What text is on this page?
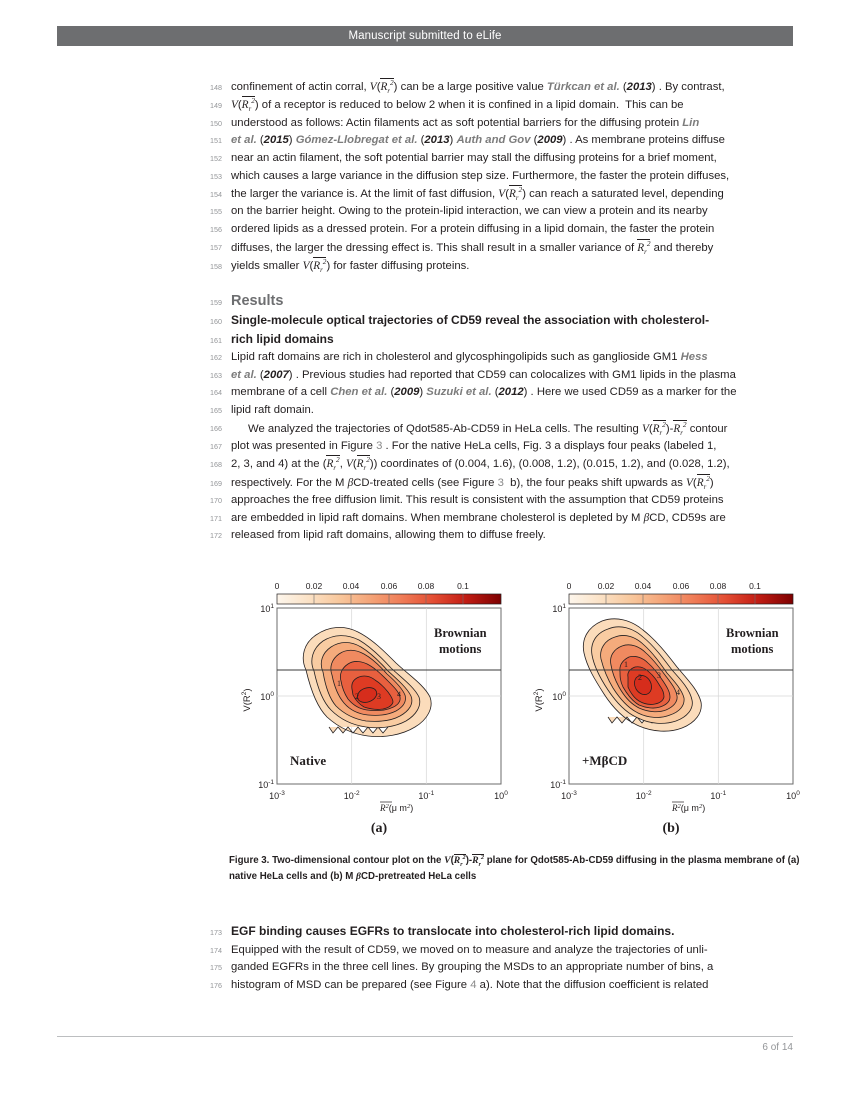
Manuscript submitted to eLife
148 confinement of actin corral, $V(R_r^2)$ can be a large positive value Türkcan et al. (2013) . By contrast,
149 $V(R_r^2)$ of a receptor is reduced to below 2 when it is confined in a lipid domain.  This can be
150 understood as follows: Actin filaments act as soft potential barriers for the diffusing protein Lin
151 et al. (2015) Gómez-Llobregat et al. (2013) Auth and Gov (2009) . As membrane proteins diffuse
152 near an actin filament, the soft potential barrier may stall the diffusing proteins for a brief moment,
153 which causes a large variance in the diffusion step size. Furthermore, the faster the protein diffuses,
154 the larger the variance is. At the limit of fast diffusion, $V(R_r^2)$ can reach a saturated level, depending
155 on the barrier height. Owing to the protein-lipid interaction, we can view a protein and its nearby
156 ordered lipids as a dressed protein. For a protein diffusing in a lipid domain, the faster the protein
157 diffuses, the larger the dressing effect is. This shall result in a smaller variance of $R_r^2$ and thereby
158 yields smaller $V(R_r^2)$ for faster diffusing proteins.
159 Results
160 Single-molecule optical trajectories of CD59 reveal the association with cholesterol-
161 rich lipid domains
162 Lipid raft domains are rich in cholesterol and glycosphingolipids such as ganglioside GM1 Hess
163 et al. (2007) . Previous studies had reported that CD59 can colocalizes with GM1 lipids in the plasma
164 membrane of a cell Chen et al. (2009) Suzuki et al. (2012) . Here we used CD59 as a marker for the
165 lipid raft domain.
166	We analyzed the trajectories of Qdot585-Ab-CD59 in HeLa cells. The resulting $V(R_r^2)-R_r^2$ contour
167 plot was presented in Figure 3 . For the native HeLa cells, Fig. 3 a displays four peaks (labeled 1,
168 2, 3, and 4) at the ($R_r^2$, $V(R_r^2)$) coordinates of (0.004, 1.6), (0.008, 1.2), (0.015, 1.2), and (0.028, 1.2),
169 respectively. For the M βCD-treated cells (see Figure 3  b), the four peaks shift upwards as $V(R_r^2)$
170 approaches the free diffusion limit. This result is consistent with the assumption that CD59 proteins
171 are embedded in lipid raft domains. When membrane cholesterol is depleted by M βCD, CD59s are
172 released from lipid raft domains, allowing them to diffuse freely.
0	0.02 0.04	0.06 0.08	0.1
1
2 3 4
Brownian
motions
Native
$10^1$
$10^0$
$10^{-1}$
$V(R^2)$
$10^{-3}$	$10^{-2}$	$10^{-1}$	$10^0$
$R^2(\mu$ $m^2$)
(a)
0	0.02 0.04	0.06 0.08	0.1
1
2 3
4
Brownian
motions
+MβCD
$10^1$
$10^0$
$10^{-1}$
$V(R^2)$
$10^{-3}$	$10^{-2}$	$10^{-1}$	$10^0$
$R^2(\mu$ $m^2$)
(b)
Figure 3. Two-dimensional contour plot on the $V(R_r^2)-R_r^2$ plane for Qdot585-Ab-CD59 diffusing in the plasma membrane of (a) native HeLa cells and (b) M βCD-pretreated HeLa cells
173 EGF binding causes EGFRs to translocate into cholesterol-rich lipid domains.
174 Equipped with the result of CD59, we moved on to measure and analyze the trajectories of unli-
175 ganded EGFRs in the three cell lines. By grouping the MSDs to an appropriate number of bins, a
176 histogram of MSD can be prepared (see Figure 4 a). Note that the diffusion coefficient is related
6 of 14
